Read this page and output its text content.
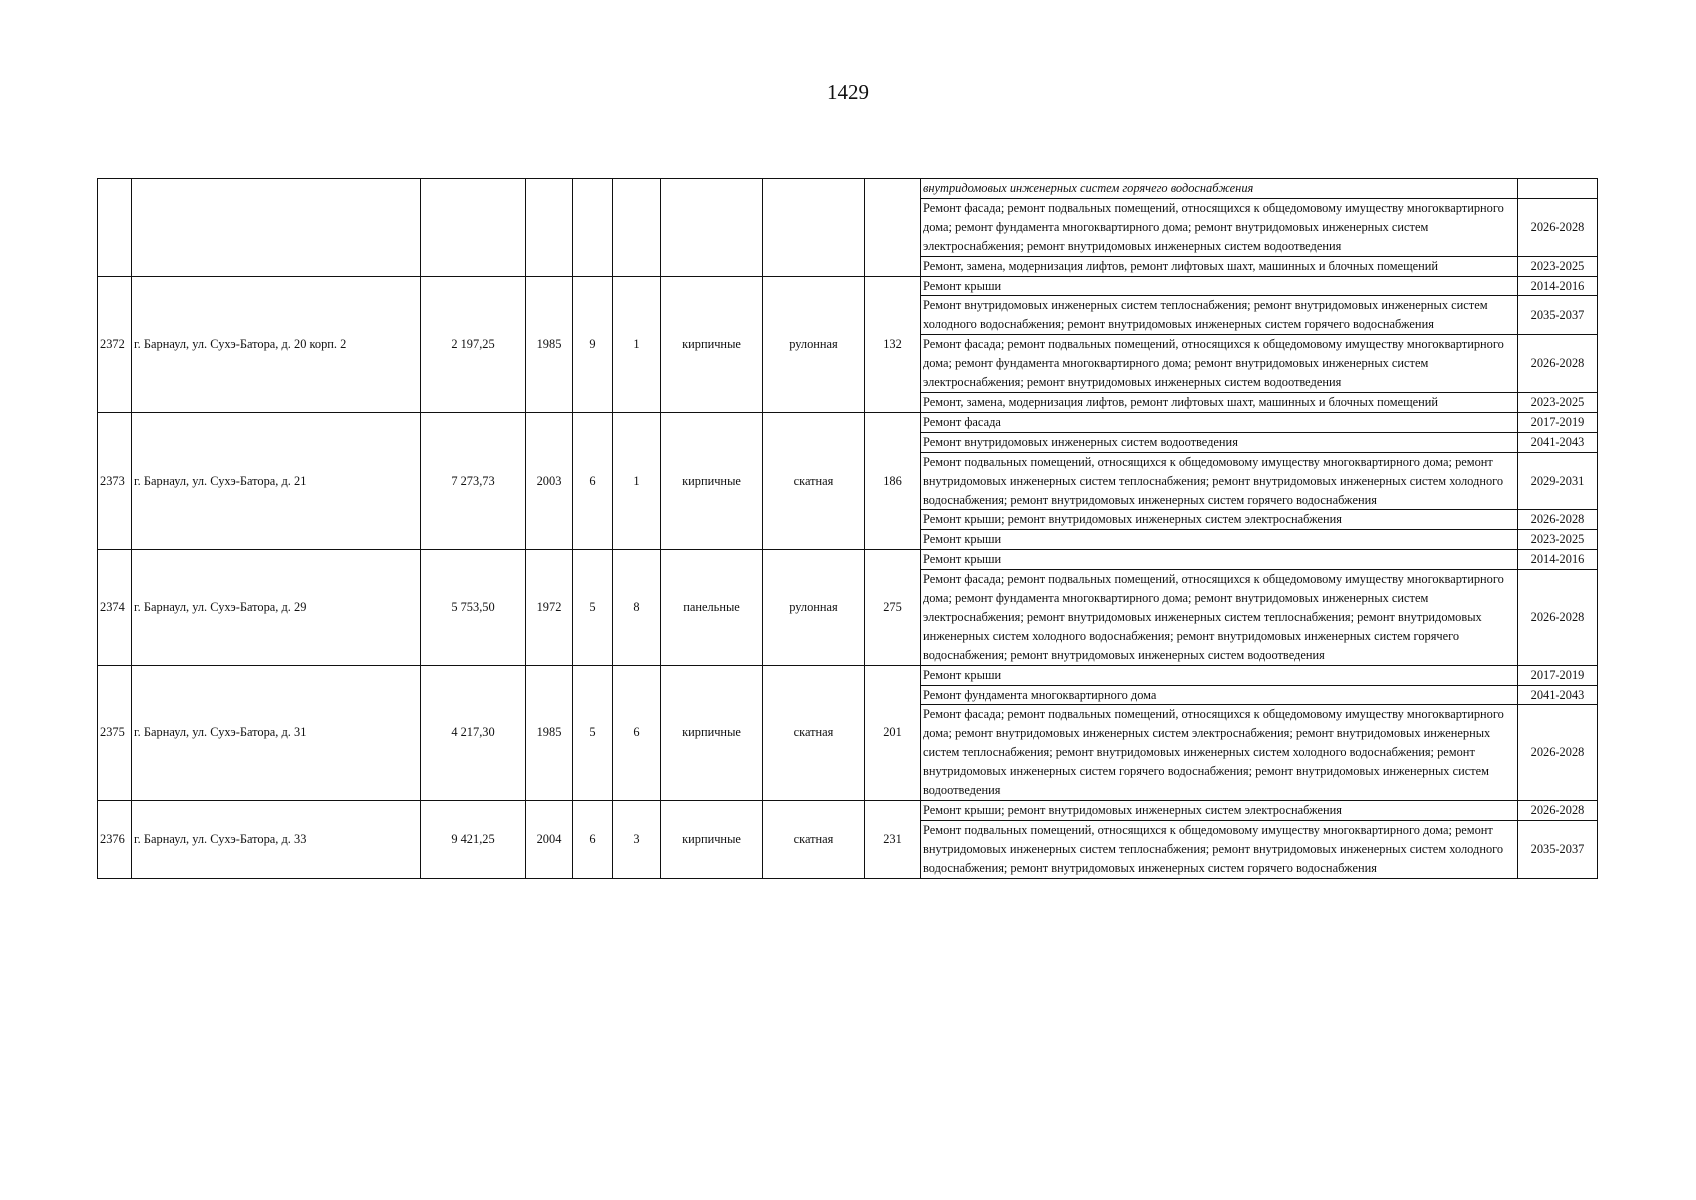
1429
									внутридомовых инженерных систем горячего водоснабжения	
									Ремонт фасада; ремонт подвальных помещений, относящихся к общедомовому имуществу многоквартирного дома; ремонт фундамента многоквартирного дома; ремонт внутридомовых инженерных систем электроснабжения; ремонт внутридомовых инженерных систем водоотведения	2026-2028
									Ремонт, замена, модернизация лифтов, ремонт лифтовых шахт, машинных и блочных помещений	2023-2025
2372	г. Барнаул, ул. Сухэ-Батора, д. 20 корп. 2	2 197,25	1985	9	1	кирпичные	рулонная	132	Ремонт крыши	2014-2016
									Ремонт внутридомовых инженерных систем теплоснабжения; ремонт внутридомовых инженерных систем холодного водоснабжения; ремонт внутридомовых инженерных систем горячего водоснабжения	2035-2037
									Ремонт фасада; ремонт подвальных помещений, относящихся к общедомовому имуществу многоквартирного дома; ремонт фундамента многоквартирного дома; ремонт внутридомовых инженерных систем электроснабжения; ремонт внутридомовых инженерных систем водоотведения	2026-2028
									Ремонт, замена, модернизация лифтов, ремонт лифтовых шахт, машинных и блочных помещений	2023-2025
2373	г. Барнаул, ул. Сухэ-Батора, д. 21	7 273,73	2003	6	1	кирпичные	скатная	186	Ремонт фасада	2017-2019
									Ремонт внутридомовых инженерных систем водоотведения	2041-2043
									Ремонт подвальных помещений, относящихся к общедомовому имуществу многоквартирного дома; ремонт внутридомовых инженерных систем теплоснабжения; ремонт внутридомовых инженерных систем холодного водоснабжения; ремонт внутридомовых инженерных систем горячего водоснабжения	2029-2031
									Ремонт крыши; ремонт внутридомовых инженерных систем электроснабжения	2026-2028
									Ремонт крыши	2023-2025
2374	г. Барнаул, ул. Сухэ-Батора, д. 29	5 753,50	1972	5	8	панельные	рулонная	275	Ремонт крыши	2014-2016
									Ремонт фасада; ремонт подвальных помещений, относящихся к общедомовому имуществу многоквартирного дома; ремонт фундамента многоквартирного дома; ремонт внутридомовых инженерных систем электроснабжения; ремонт внутридомовых инженерных систем теплоснабжения; ремонт внутридомовых инженерных систем холодного водоснабжения; ремонт внутридомовых инженерных систем горячего водоснабжения; ремонт внутридомовых инженерных систем водоотведения	2026-2028
2375	г. Барнаул, ул. Сухэ-Батора, д. 31	4 217,30	1985	5	6	кирпичные	скатная	201	Ремонт крыши	2017-2019
									Ремонт фундамента многоквартирного дома	2041-2043
									Ремонт фасада; ремонт подвальных помещений, относящихся к общедомовому имуществу многоквартирного дома; ремонт внутридомовых инженерных систем электроснабжения; ремонт внутридомовых инженерных систем теплоснабжения; ремонт внутридомовых инженерных систем холодного водоснабжения; ремонт внутридомовых инженерных систем горячего водоснабжения; ремонт внутридомовых инженерных систем водоотведения	2026-2028
2376	г. Барнаул, ул. Сухэ-Батора, д. 33	9 421,25	2004	6	3	кирпичные	скатная	231	Ремонт крыши; ремонт внутридомовых инженерных систем электроснабжения	2026-2028
									Ремонт подвальных помещений, относящихся к общедомовому имуществу многоквартирного дома; ремонт внутридомовых инженерных систем теплоснабжения; ремонт внутридомовых инженерных систем холодного водоснабжения; ремонт внутридомовых инженерных систем горячего водоснабжения	2035-2037
